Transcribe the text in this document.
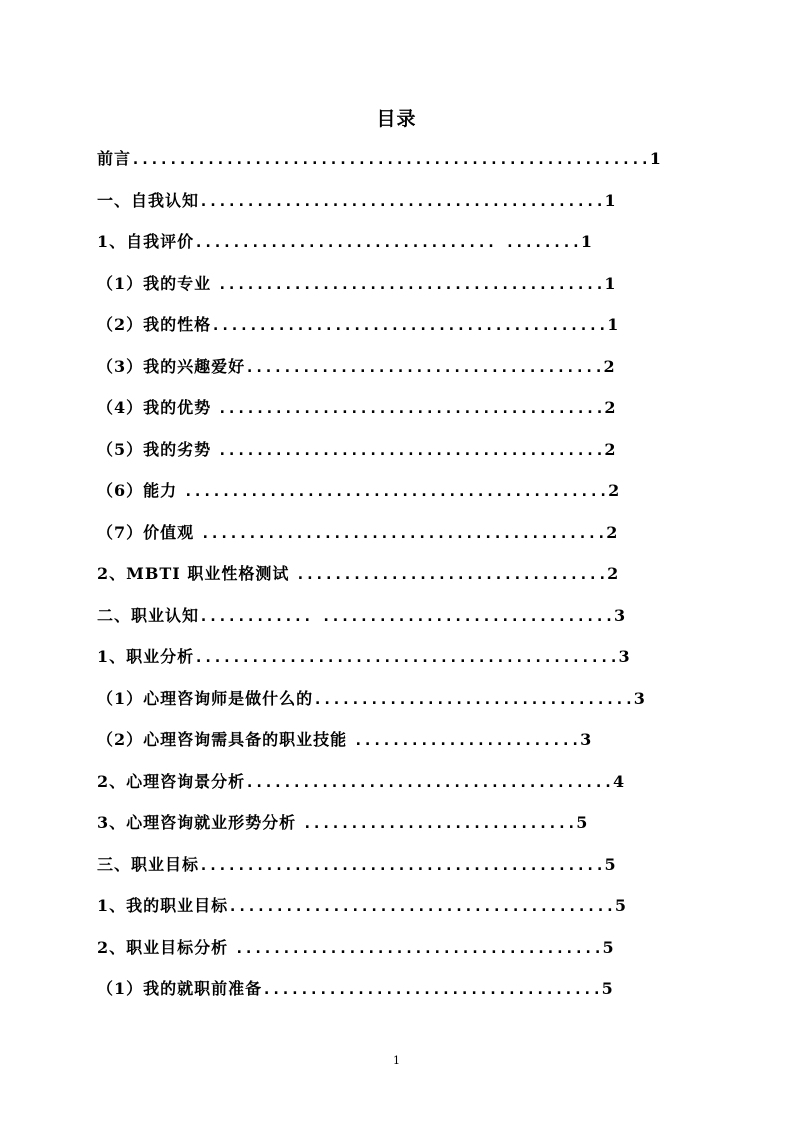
目录
前言.......................................................1
一、自我认知...........................................1
1、自我评价................................ ........1
（1）我的专业 .........................................1
（2）我的性格..........................................1
（3）我的兴趣爱好......................................2
（4）我的优势 .........................................2
（5）我的劣势 .........................................2
（6）能力 .............................................2
（7）价值观 ...........................................2
2、MBTI 职业性格测试 .................................2
二、职业认知............ ...............................3
1、职业分析.............................................3
（1）心理咨询师是做什么的..................................3
（2）心理咨询需具备的职业技能 ........................3
2、心理咨询景分析.......................................4
3、心理咨询就业形势分析 .............................5
三、职业目标...........................................5
1、我的职业目标.........................................5
2、职业目标分析 .......................................5
（1）我的就职前准备....................................5
1
